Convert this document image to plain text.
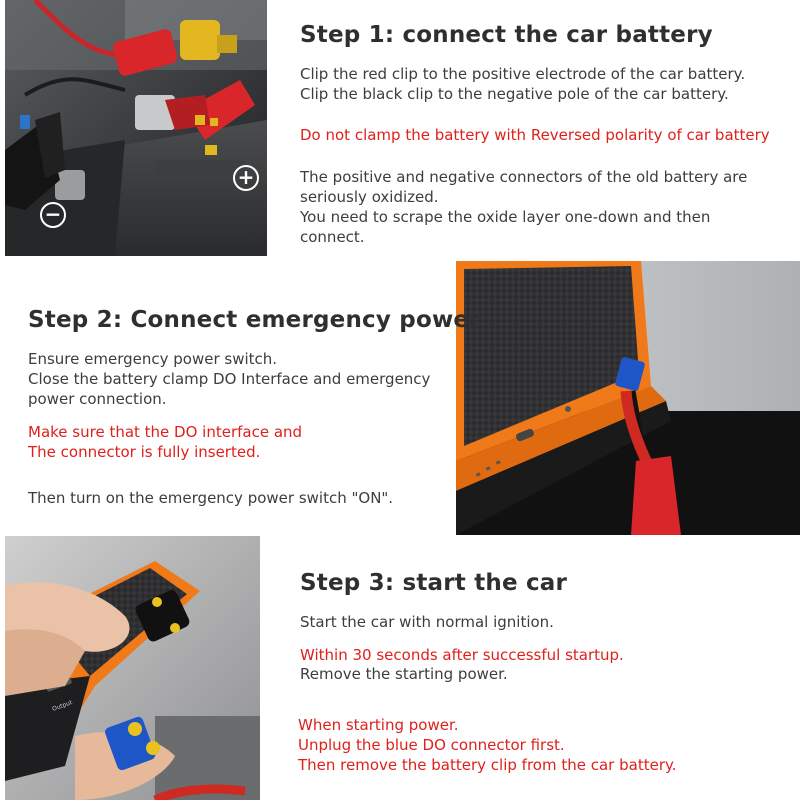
+
−
Step 1: connect the car battery
Clip the red clip to the positive electrode of the car battery.
Clip the black clip to the negative pole of the car battery.
Do not clamp the battery with Reversed polarity of car battery
The positive and negative connectors of the old battery are
seriously oxidized.
You need to scrape the oxide layer one-down and then
connect.
Step 2: Connect emergency power
Ensure emergency power switch.
Close the battery clamp DO Interface and emergency
power connection.
Make sure that the DO interface and
The connector is fully inserted.
Then turn on the emergency power switch "ON".
Output
Step 3: start the car
Start the car with normal ignition.
Within 30 seconds after successful startup.
Remove the starting power.
When starting power.
Unplug the blue DO connector first.
Then remove the battery clip from the car battery.
